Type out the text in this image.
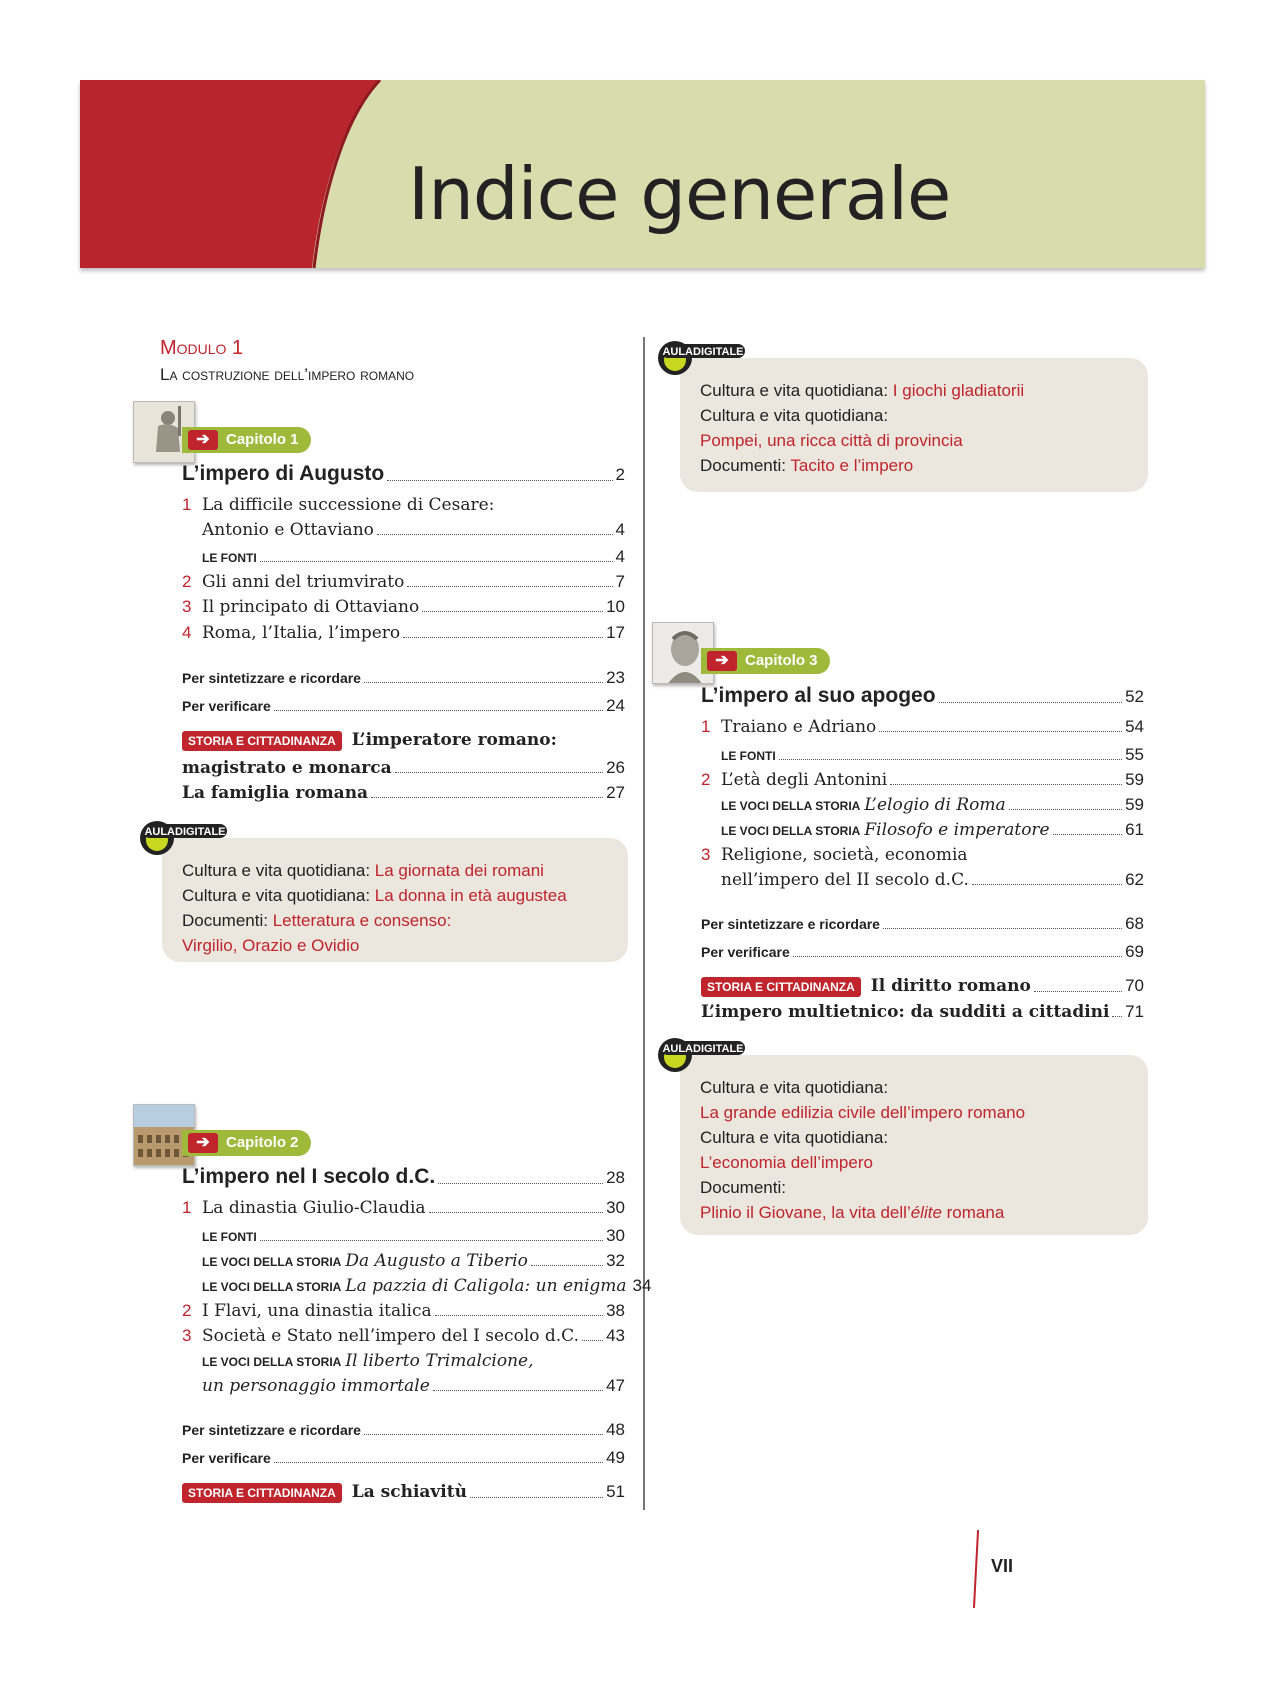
Indice generale
Modulo 1
La costruzione dell’impero romano
➔	Capitolo 1
L’impero di Augusto	2
1 La difficile successione di Cesare:
Antonio e Ottaviano	4
LE FONTI	4
2 Gli anni del triumvirato	7
3 Il principato di Ottaviano	10
4 Roma, l’Italia, l’impero	17
Per sintetizzare e ricordare	23
Per verificare	24
STORIA E CITTADINANZA L’imperatore romano:
magistrato e monarca	26
La famiglia romana	27
Cultura e vita quotidiana: La giornata dei romani
Cultura e vita quotidiana: La donna in età augustea
Documenti: Letteratura e consenso:
Virgilio, Orazio e Ovidio
AULADIGITALE
➔	Capitolo 2
L’impero nel I secolo d.C.	28
1 La dinastia Giulio-Claudia	30
LE FONTI	30
LE VOCI DELLA STORIA Da Augusto a Tiberio	32
LE VOCI DELLA STORIA La pazzia di Caligola: un enigma 34
2 I Flavi, una dinastia italica	38
3 Società e Stato nell’impero del I secolo d.C. 43
LE VOCI DELLA STORIA Il liberto Trimalcione,
un personaggio immortale	47
Per sintetizzare e ricordare	48
Per verificare	49
STORIA E CITTADINANZA La schiavitù	51
Cultura e vita quotidiana: I giochi gladiatorii
Cultura e vita quotidiana:
Pompei, una ricca città di provincia
Documenti: Tacito e l’impero
AULADIGITALE
➔	Capitolo 3
L’impero al suo apogeo	52
1 Traiano e Adriano	54
LE FONTI	55
2 L’età degli Antonini	59
LE VOCI DELLA STORIA L’elogio di Roma	59
LE VOCI DELLA STORIA Filosofo e imperatore	61
3 Religione, società, economia
nell’impero del II secolo d.C.	62
Per sintetizzare e ricordare	68
Per verificare	69
STORIA E CITTADINANZA Il diritto romano	70
L’impero multietnico: da sudditi a cittadini 71
Cultura e vita quotidiana:
La grande edilizia civile dell’impero romano
Cultura e vita quotidiana:
L’economia dell’impero
Documenti:
Plinio il Giovane, la vita dell’élite romana
AULADIGITALE
VII
